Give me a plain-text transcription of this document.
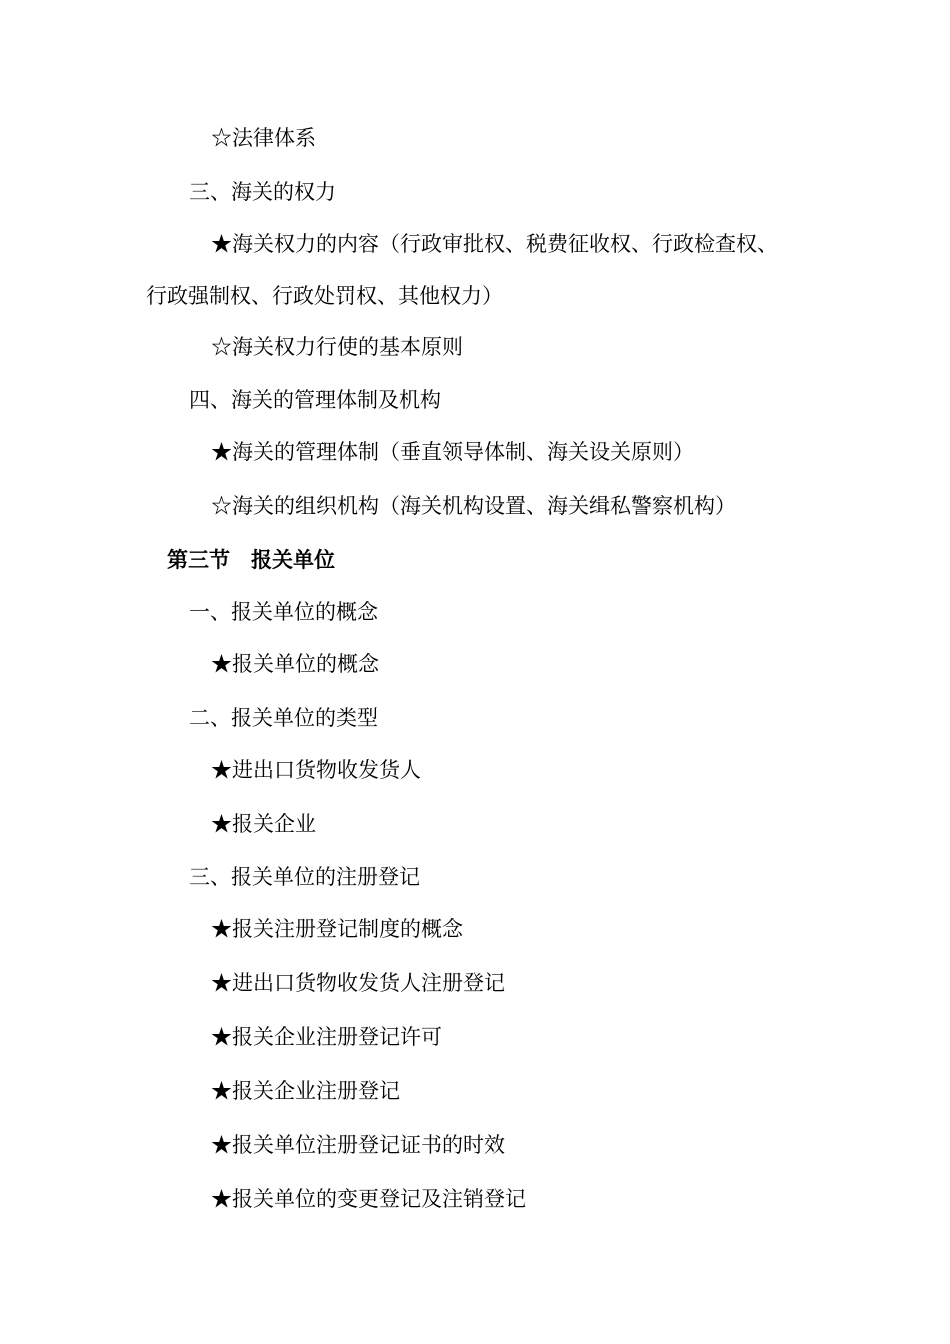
☆法律体系
三、海关的权力
★海关权力的内容（行政审批权、税费征收权、行政检查权、
行政强制权、行政处罚权、其他权力）
☆海关权力行使的基本原则
四、海关的管理体制及机构
★海关的管理体制（垂直领导体制、海关设关原则）
☆海关的组织机构（海关机构设置、海关缉私警察机构）
第三节　报关单位
一、报关单位的概念
★报关单位的概念
二、报关单位的类型
★进出口货物收发货人
★报关企业
三、报关单位的注册登记
★报关注册登记制度的概念
★进出口货物收发货人注册登记
★报关企业注册登记许可
★报关企业注册登记
★报关单位注册登记证书的时效
★报关单位的变更登记及注销登记
